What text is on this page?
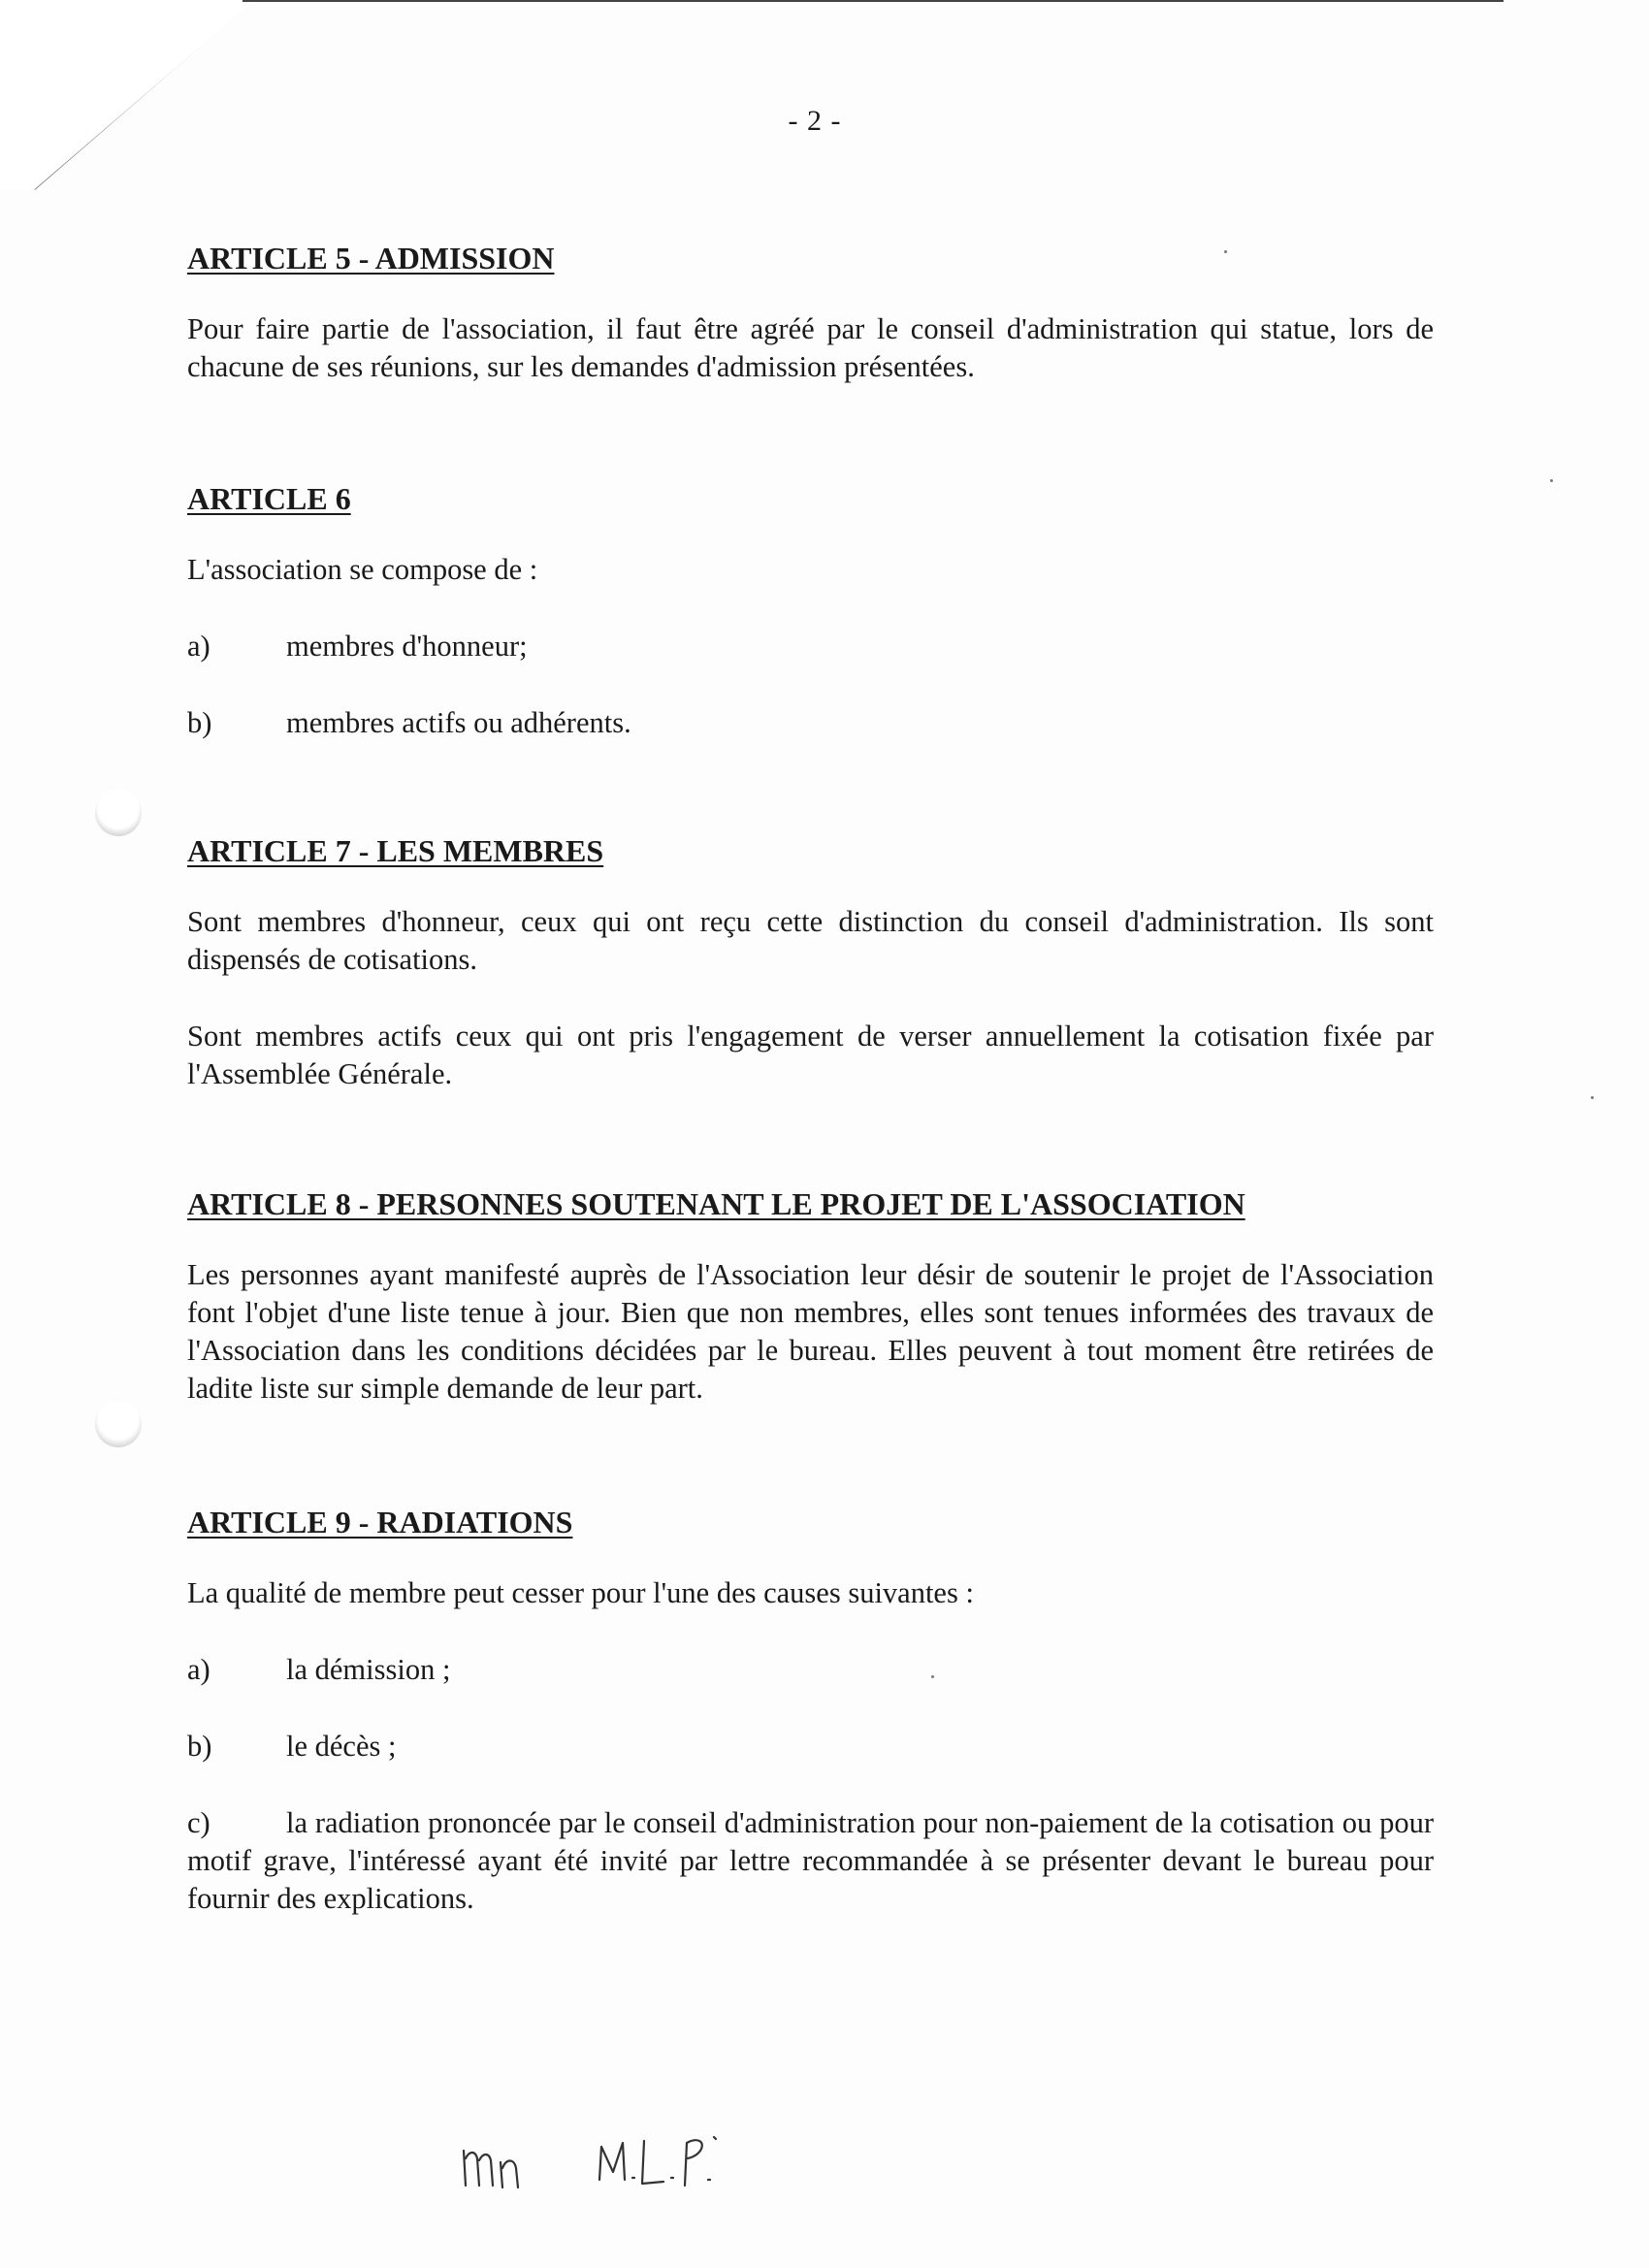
- 2 -
ARTICLE 5 - ADMISSION

Pour faire partie de l'association, il faut être agréé par le conseil d'administration qui statue, lors de chacune de ses réunions, sur les demandes d'admission présentées.

ARTICLE 6

L'association se compose de :

a)	membres d'honneur;
b)	membres actifs ou adhérents.
ARTICLE 7 - LES MEMBRES

Sont membres d'honneur, ceux qui ont reçu cette distinction du conseil d'administration. Ils sont dispensés de cotisations.

Sont membres actifs ceux qui ont pris l'engagement de verser annuellement la cotisation fixée par l'Assemblée Générale.

ARTICLE 8 - PERSONNES SOUTENANT LE PROJET DE L'ASSOCIATION

Les personnes ayant manifesté auprès de l'Association leur désir de soutenir le projet de l'Association font l'objet d'une liste tenue à jour. Bien que non membres, elles sont tenues informées des travaux de l'Association dans les conditions décidées par le bureau. Elles peuvent à tout moment être retirées de ladite liste sur simple demande de leur part.

ARTICLE 9 - RADIATIONS

La qualité de membre peut cesser pour l'une des causes suivantes :

a)	la démission ;
b)	le décès ;

c)	la radiation prononcée par le conseil d'administration pour non-paiement de la cotisation ou pour motif grave, l'intéressé ayant été invité par lettre recommandée à se présenter devant le bureau pour fournir des explications.
